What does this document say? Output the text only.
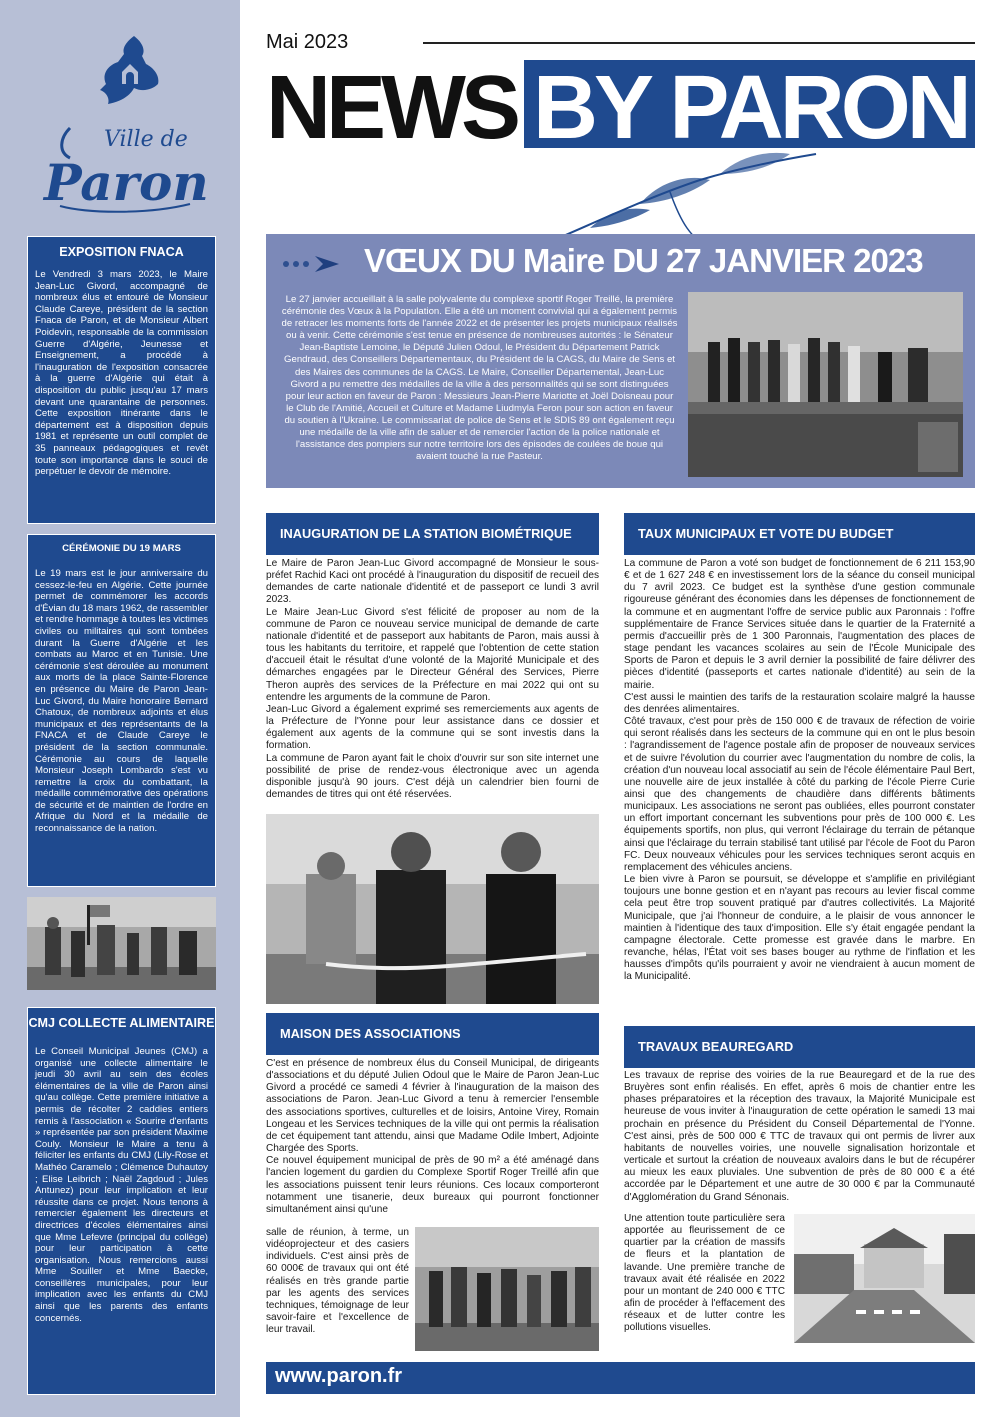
Ville de
Paron
EXPOSITION FNACA

Le Vendredi 3 mars 2023, le Maire Jean-Luc Givord, accompagné de nombreux élus et entouré de Monsieur Claude Careye, président de la section Fnaca de Paron, et de Monsieur Albert Poidevin, responsable de la commission Guerre d'Algérie, Jeunesse et Enseignement, a procédé à l'inauguration de l'exposition consacrée à la guerre d'Algérie qui était à disposition du public jusqu'au 17 mars devant une quarantaine de personnes. Cette exposition itinérante dans le département est à disposition depuis 1981 et représente un outil complet de 35 panneaux pédagogiques et revêt toute son importance dans le souci de perpétuer le devoir de mémoire.

CÉRÉMONIE DU 19 MARS

Le 19 mars est le jour anniversaire du cessez-le-feu en Algérie. Cette journée permet de commémorer les accords d'Évian du 18 mars 1962, de rassembler et rendre hommage à toutes les victimes civiles ou militaires qui sont tombées durant la Guerre d'Algérie et les combats au Maroc et en Tunisie. Une cérémonie s'est déroulée au monument aux morts de la place Sainte-Florence en présence du Maire de Paron Jean-Luc Givord, du Maire honoraire Bernard Chatoux, de nombreux adjoints et élus municipaux et des représentants de la FNACA et de Claude Careye le président de la section communale. Cérémonie au cours de laquelle Monsieur Joseph Lombardo s'est vu remettre la croix du combattant, la médaille commémorative des opérations de sécurité et de maintien de l'ordre en Afrique du Nord et la médaille de reconnaissance de la nation.

CMJ COLLECTE ALIMENTAIRE

Le Conseil Municipal Jeunes (CMJ) a organisé une collecte alimentaire le jeudi 30 avril au sein des écoles élémentaires de la ville de Paron ainsi qu'au collège. Cette première initiative a permis de récolter 2 caddies entiers remis à l'association « Sourire d'enfants » représentée par son président Maxime Couly. Monsieur le Maire a tenu à féliciter les enfants du CMJ (Lily-Rose et Mathéo Caramelo ; Clémence Duhautoy ; Elise Leibrich ; Naël Zagdoud ; Jules Antunez) pour leur implication et leur réussite dans ce projet. Nous tenons à remercier également les directeurs et directrices d'écoles élémentaires ainsi que Mme Lefevre (principal du collège) pour leur participation à cette organisation. Nous remercions aussi Mme Souiller et Mme Baecke, conseillères municipales, pour leur implication avec les enfants du CMJ ainsi que les parents des enfants concernés.

Mai 2023
NEWS BY PARON
VŒUX DU Maire DU 27 JANVIER 2023
Le 27 janvier accueillait à la salle polyvalente du complexe sportif Roger Treillé, la première cérémonie des Vœux à la Population. Elle a été un moment convivial qui a également permis de retracer les moments forts de l'année 2022 et de présenter les projets municipaux réalisés ou à venir. Cette cérémonie s'est tenue en présence de nombreuses autorités : le Sénateur Jean-Baptiste Lemoine, le Député Julien Odoul, le Président du Département Patrick Gendraud, des Conseillers Départementaux, du Président de la CAGS, du Maire de Sens et des Maires des communes de la CAGS. Le Maire, Conseiller Départemental, Jean-Luc Givord a pu remettre des médailles de la ville à des personnalités qui se sont distinguées pour leur action en faveur de Paron : Messieurs Jean-Pierre Mariotte et Joël Doisneau pour le Club de l'Amitié, Accueil et Culture et Madame Liudmyla Feron pour son action en faveur du soutien à l'Ukraine. Le commissariat de police de Sens et le SDIS 89 ont également reçu une médaille de la ville afin de saluer et de remercier l'action de la police nationale et l'assistance des pompiers sur notre territoire lors des épisodes de coulées de boue qui avaient touché la rue Pasteur.
INAUGURATION DE LA STATION BIOMÉTRIQUE

Le Maire de Paron Jean-Luc Givord accompagné de Monsieur le sous-préfet Rachid Kaci ont procédé à l'inauguration du dispositif de recueil des demandes de carte nationale d'identité et de passeport ce lundi 3 avril 2023.

Le Maire Jean-Luc Givord s'est félicité de proposer au nom de la commune de Paron ce nouveau service municipal de demande de carte nationale d'identité et de passeport aux habitants de Paron, mais aussi à tous les habitants du territoire, et rappelé que l'obtention de cette station d'accueil était le résultat d'une volonté de la Majorité Municipale et des démarches engagées par le Directeur Général des Services, Pierre Theron auprès des services de la Préfecture en mai 2022 qui ont su entendre les arguments de la commune de Paron.

Jean-Luc Givord a également exprimé ses remerciements aux agents de la Préfecture de l'Yonne pour leur assistance dans ce dossier et également aux agents de la commune qui se sont investis dans la formation.

La commune de Paron ayant fait le choix d'ouvrir sur son site internet une possibilité de prise de rendez-vous électronique avec un agenda disponible jusqu'à 90 jours. C'est déjà un calendrier bien fourni de demandes de titres qui ont été réservées.

MAISON DES ASSOCIATIONS

C'est en présence de nombreux élus du Conseil Municipal, de dirigeants d'associations et du député Julien Odoul que le Maire de Paron Jean-Luc Givord a procédé ce samedi 4 février à l'inauguration de la maison des associations de Paron. Jean-Luc Givord a tenu à remercier l'ensemble des associations sportives, culturelles et de loisirs, Antoine Virey, Romain Longeau et les Services techniques de la ville qui ont permis la réalisation de cet équipement tant attendu, ainsi que Madame Odile Imbert, Adjointe Chargée des Sports.

Ce nouvel équipement municipal de près de 90 m² a été aménagé dans l'ancien logement du gardien du Complexe Sportif Roger Treillé afin que les associations puissent tenir leurs réunions. Ces locaux comporteront notamment une tisanerie, deux bureaux qui pourront fonctionner simultanément ainsi qu'une

salle de réunion, à terme, un vidéoprojecteur et des casiers individuels. C'est ainsi près de 60 000€ de travaux qui ont été réalisés en très grande partie par les agents des services techniques, témoignage de leur savoir-faire et l'excellence de leur travail.

TAUX MUNICIPAUX ET VOTE DU BUDGET

La commune de Paron a voté son budget de fonctionnement de 6 211 153,90 € et de 1 627 248 € en investissement lors de la séance du conseil municipal du 7 avril 2023. Ce budget est la synthèse d'une gestion communale rigoureuse générant des économies dans les dépenses de fonctionnement de la commune et en augmentant l'offre de service public aux Paronnais : l'offre supplémentaire de France Services située dans le quartier de la Fraternité a permis d'accueillir près de 1 300 Paronnais, l'augmentation des places de stage pendant les vacances scolaires au sein de l'École Municipale des Sports de Paron et depuis le 3 avril dernier la possibilité de faire délivrer des pièces d'identité (passeports et cartes nationale d'identité) au sein de la mairie.

C'est aussi le maintien des tarifs de la restauration scolaire malgré la hausse des denrées alimentaires.

Côté travaux, c'est pour près de 150 000 € de travaux de réfection de voirie qui seront réalisés dans les secteurs de la commune qui en ont le plus besoin : l'agrandissement de l'agence postale afin de proposer de nouveaux services et de suivre l'évolution du courrier avec l'augmentation du nombre de colis, la création d'un nouveau local associatif au sein de l'école élémentaire Paul Bert, une nouvelle aire de jeux installée à côté du parking de l'école Pierre Curie ainsi que des changements de chaudière dans différents bâtiments municipaux. Les associations ne seront pas oubliées, elles pourront constater un effort important concernant les subventions pour près de 100 000 €. Les équipements sportifs, non plus, qui verront l'éclairage du terrain de pétanque ainsi que l'éclairage du terrain stabilisé tant utilisé par l'école de Foot du Paron FC. Deux nouveaux véhicules pour les services techniques seront acquis en remplacement des véhicules anciens.

Le bien vivre à Paron se poursuit, se développe et s'amplifie en privilégiant toujours une bonne gestion et en n'ayant pas recours au levier fiscal comme cela peut être trop souvent pratiqué par d'autres collectivités. La Majorité Municipale, que j'ai l'honneur de conduire, a le plaisir de vous annoncer le maintien à l'identique des taux d'imposition. Elle s'y était engagée pendant la campagne électorale. Cette promesse est gravée dans le marbre. En revanche, hélas, l'État voit ses bases bouger au rythme de l'inflation et les hausses d'impôts qu'ils pourraient y avoir ne viendraient à aucun moment de la Municipalité.

TRAVAUX BEAUREGARD

Les travaux de reprise des voiries de la rue Beauregard et de la rue des Bruyères sont enfin réalisés. En effet, après 6 mois de chantier entre les phases préparatoires et la réception des travaux, la Majorité Municipale est heureuse de vous inviter à l'inauguration de cette opération le samedi 13 mai prochain en présence du Président du Conseil Départemental de l'Yonne. C'est ainsi, près de 500 000 € TTC de travaux qui ont permis de livrer aux habitants de nouvelles voiries, une nouvelle signalisation horizontale et verticale et surtout la création de nouveaux avaloirs dans le but de récupérer au mieux les eaux pluviales. Une subvention de près de 80 000 € a été accordée par le Département et une autre de 30 000 € par la Communauté d'Agglomération du Grand Sénonais.

Une attention toute particulière sera apportée au fleurissement de ce quartier par la création de massifs de fleurs et la plantation de lavande. Une première tranche de travaux avait été réalisée en 2022 pour un montant de 240 000 € TTC afin de procéder à l'effacement des réseaux et de lutter contre les pollutions visuelles.

www.paron.fr
